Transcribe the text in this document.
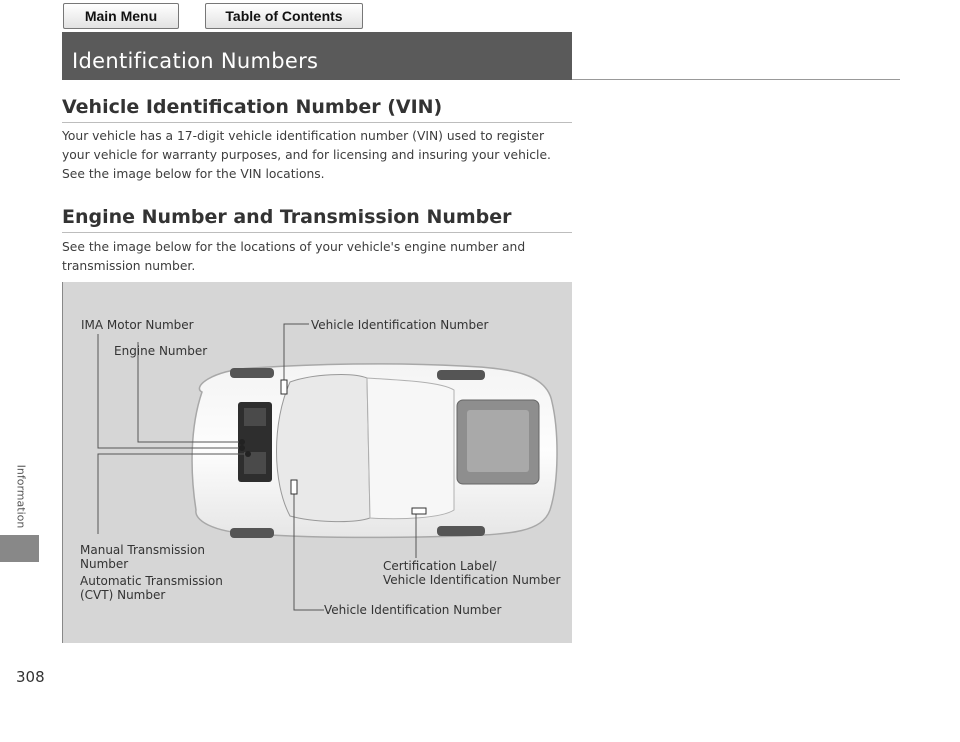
Main Menu	Table of Contents
Identification Numbers
Information
308
Vehicle Identification Number (VIN)
Your vehicle has a 17-digit vehicle identification number (VIN) used to register your vehicle for warranty purposes, and for licensing and insuring your vehicle. See the image below for the VIN locations.
Engine Number and Transmission Number
See the image below for the locations of your vehicle's engine number and transmission number.
IMA Motor Number
Engine Number
Vehicle Identification Number
Manual Transmission
Number
Automatic Transmission
(CVT) Number
Certification Label/
Vehicle Identification Number
Vehicle Identification Number
